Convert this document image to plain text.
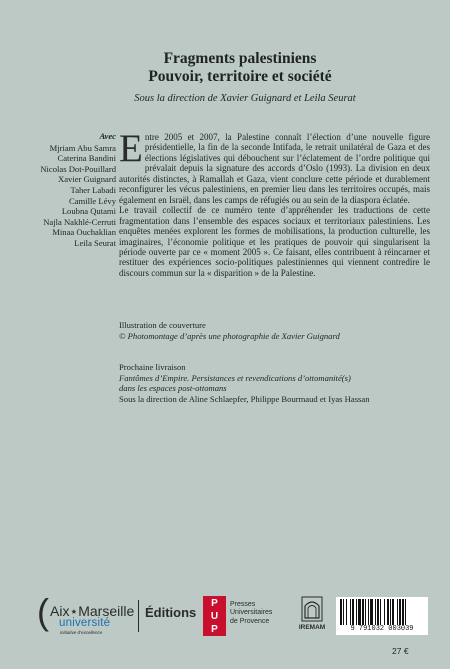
Fragments palestiniens
Pouvoir, territoire et société
Sous la direction de Xavier Guignard et Leila Seurat
Avec
Mjriam Abu Samra
Caterina Bandini
Nicolas Dot-Pouillard
Xavier Guignard
Taher Labadi
Camille Lévy
Loubna Qutami
Najla Nakhlé-Cerruti
Minaa Ouchaklian
Leila Seurat

Entre 2005 et 2007, la Palestine connaît l’élection d’une nouvelle figure présidentielle, la fin de la seconde Intifada, le retrait unilatéral de Gaza et des élections législatives qui débouchent sur l’éclatement de l’ordre politique qui prévalait depuis la signature des accords d’Oslo (1993). La division en deux autorités distinctes, à Ramallah et Gaza, vient conclure cette période et durablement reconfigurer les vécus palestiniens, en premier lieu dans les territoires occupés, mais également en Israël, dans les camps de réfugiés ou au sein de la diaspora éclatée.

Le travail collectif de ce numéro tente d’appréhender les traductions de cette fragmentation dans l’ensemble des espaces sociaux et territoriaux palestiniens. Les enquêtes menées explorent les formes de mobilisations, la production culturelle, les imaginaires, l’économie politique et les pratiques de pouvoir qui singularisent la période ouverte par ce « moment 2005 ». Ce faisant, elles contribuent à réincarner et restituer des expériences socio-politiques palestiniennes qui viennent contredire le discours commun sur la « disparition » de la Palestine.

Illustration de couverture
© Photomontage d’après une photographie de Xavier Guignard
Prochaine livraison
Fantômes d’Empire. Persistances et revendications d’ottomanité(s)
dans les espaces post-ottomans
Sous la direction de Aline Schlaepfer, Philippe Bourmaud et Iyas Hassan
( Aix⋆Marseille
université
initiative d’excellence
Éditions
P
U
P
Presses
Universitaires
de Provence
IREMAM	9 791032 003039
27 €
